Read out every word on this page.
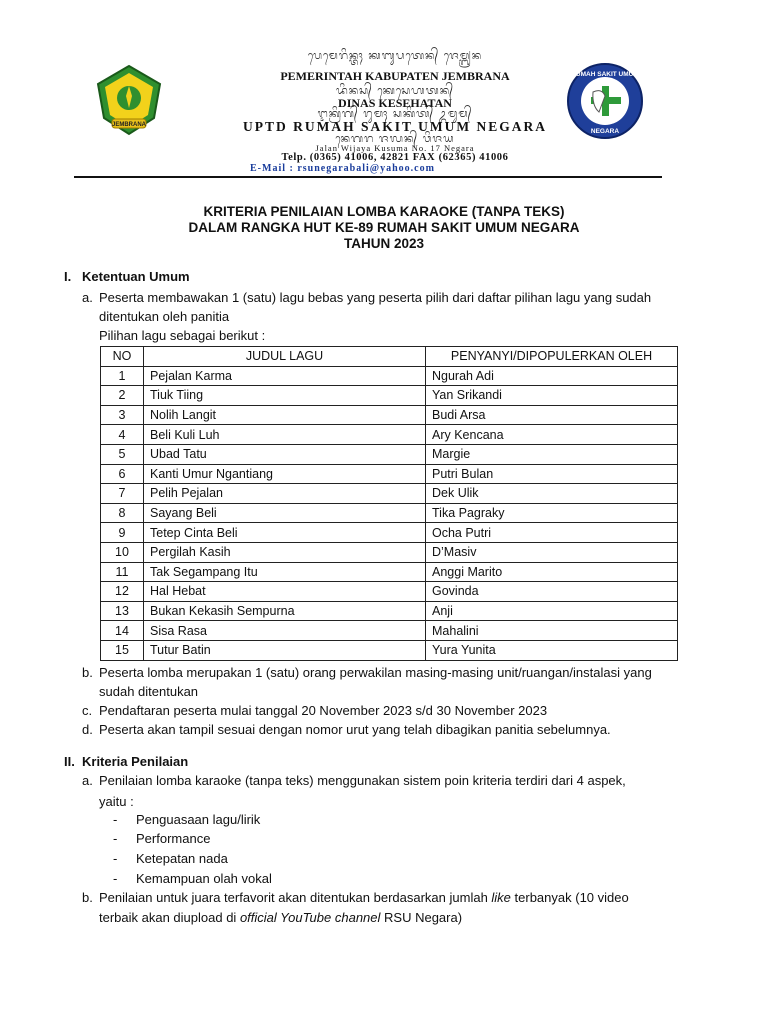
JEMBRANA
ᬧᬾᬫᬾᬭᬶᬦ᭄ᬢᬄ ᬓᬩᬸᬧᬢᬾᬦ᭄ ᬚᬾᬫ᭄ᬩ᭄ᬭᬦ
PEMERINTAH KABUPATEN JEMBRANA
ᬤᬶᬦᬲ᭄ ᬓᬾᬲᬾᬳᬢᬦ᭄
DINAS KESEHATAN
ᬇᬓ᭄ᬭᬶᬕ᭄ ᬭᬸᬫᬄ ᬲᬓᬶᬢ᭄ ᬉᬫᬸᬫ᭄
UPTD RUMAH SAKIT UMUM NEGARA
ᬦᬾᬕᬭ ᬚᬮᬦ᭄ ᬯᬶᬚᬬ
Jalan Wijaya Kusuma No. 17 Negara
Telp. (0365) 41006, 42821 FAX (62365) 41006
E-Mail : rsunegarabali@yahoo.com
RUMAH SAKIT UMUM
NEGARA
KRITERIA PENILAIAN LOMBA KARAOKE (TANPA TEKS)
DALAM RANGKA HUT KE-89 RUMAH SAKIT UMUM NEGARA
TAHUN 2023
I. Ketentuan Umum
a. Peserta membawakan 1 (satu) lagu bebas yang peserta pilih dari daftar pilihan lagu yang sudah
ditentukan oleh panitia
Pilihan lagu sebagai berikut :
NO	JUDUL LAGU	PENYANYI/DIPOPULERKAN OLEH
1	Pejalan Karma	Ngurah Adi
2	Tiuk Tiing	Yan Srikandi
3	Nolih Langit	Budi Arsa
4	Beli Kuli Luh	Ary Kencana
5	Ubad Tatu	Margie
6	Kanti Umur Ngantiang	Putri Bulan
7	Pelih Pejalan	Dek Ulik
8	Sayang Beli	Tika Pagraky
9	Tetep Cinta Beli	Ocha Putri
10	Pergilah Kasih	D’Masiv
11	Tak Segampang Itu	Anggi Marito
12	Hal Hebat	Govinda
13	Bukan Kekasih Sempurna	Anji
14	Sisa Rasa	Mahalini
15	Tutur Batin	Yura Yunita
b. Peserta lomba merupakan 1 (satu) orang perwakilan masing-masing unit/ruangan/instalasi yang
sudah ditentukan
c. Pendaftaran peserta mulai tanggal 20 November 2023 s/d 30 November 2023
d. Peserta akan tampil sesuai dengan nomor urut yang telah dibagikan panitia sebelumnya.
II. Kriteria Penilaian
a. Penilaian lomba karaoke (tanpa teks) menggunakan sistem poin kriteria terdiri dari 4 aspek,
yaitu :
- Penguasaan lagu/lirik
- Performance
- Ketepatan nada
- Kemampuan olah vokal
b. Penilaian untuk juara terfavorit akan ditentukan berdasarkan jumlah like terbanyak (10 video
terbaik akan diupload di official YouTube channel RSU Negara)
